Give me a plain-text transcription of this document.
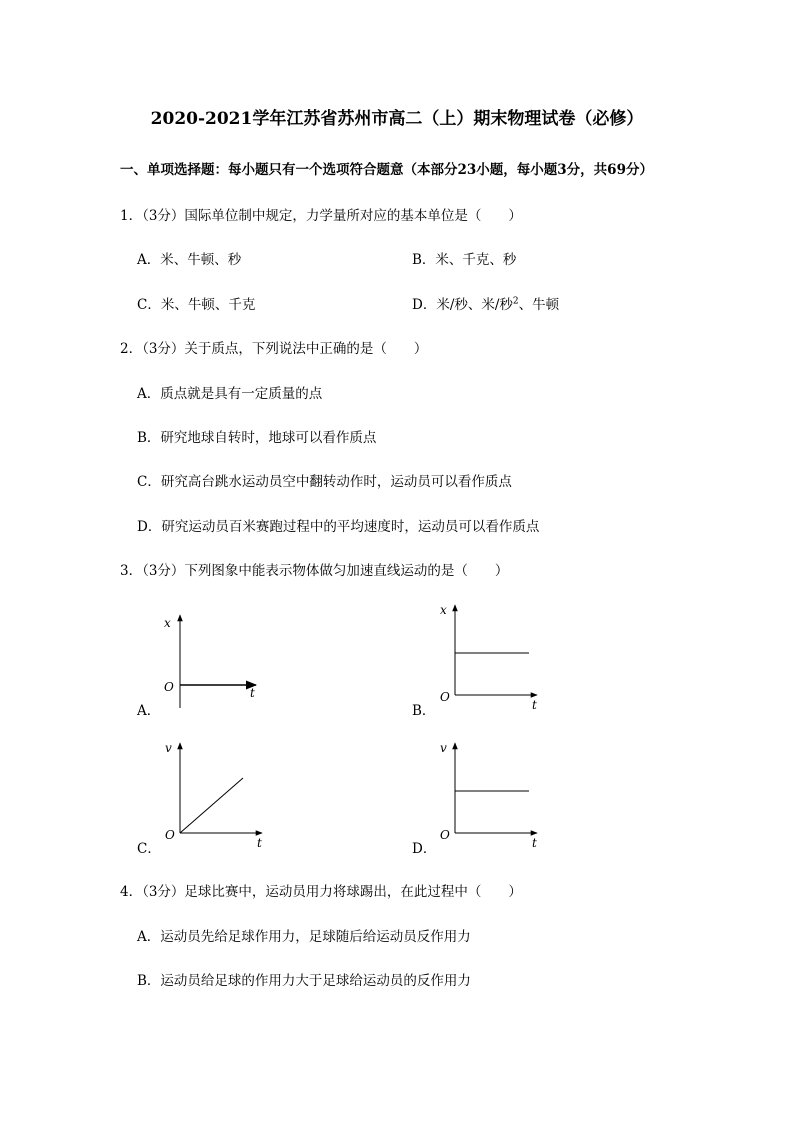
2020-2021学年江苏省苏州市高二（上）期末物理试卷（必修）
一、单项选择题：每小题只有一个选项符合题意（本部分23小题，每小题3分，共69分）
1．（3分）国际单位制中规定，力学量所对应的基本单位是（　　）
A．米、牛顿、秒	B．米、千克、秒
C．米、牛顿、千克	D．米/秒、米/秒$^2$、牛顿
2．（3分）关于质点，下列说法中正确的是（　　）
A．质点就是具有一定质量的点
B．研究地球自转时，地球可以看作质点
C．研究高台跳水运动员空中翻转动作时，运动员可以看作质点
D．研究运动员百米赛跑过程中的平均速度时，运动员可以看作质点
3．（3分）下列图象中能表示物体做匀加速直线运动的是（　　）
A．
x
t
O
B．
x
t
O
C．
v
t
O
D．
v
t
O
4．（3分）足球比赛中，运动员用力将球踢出，在此过程中（　　）
A．运动员先给足球作用力，足球随后给运动员反作用力
B．运动员给足球的作用力大于足球给运动员的反作用力
